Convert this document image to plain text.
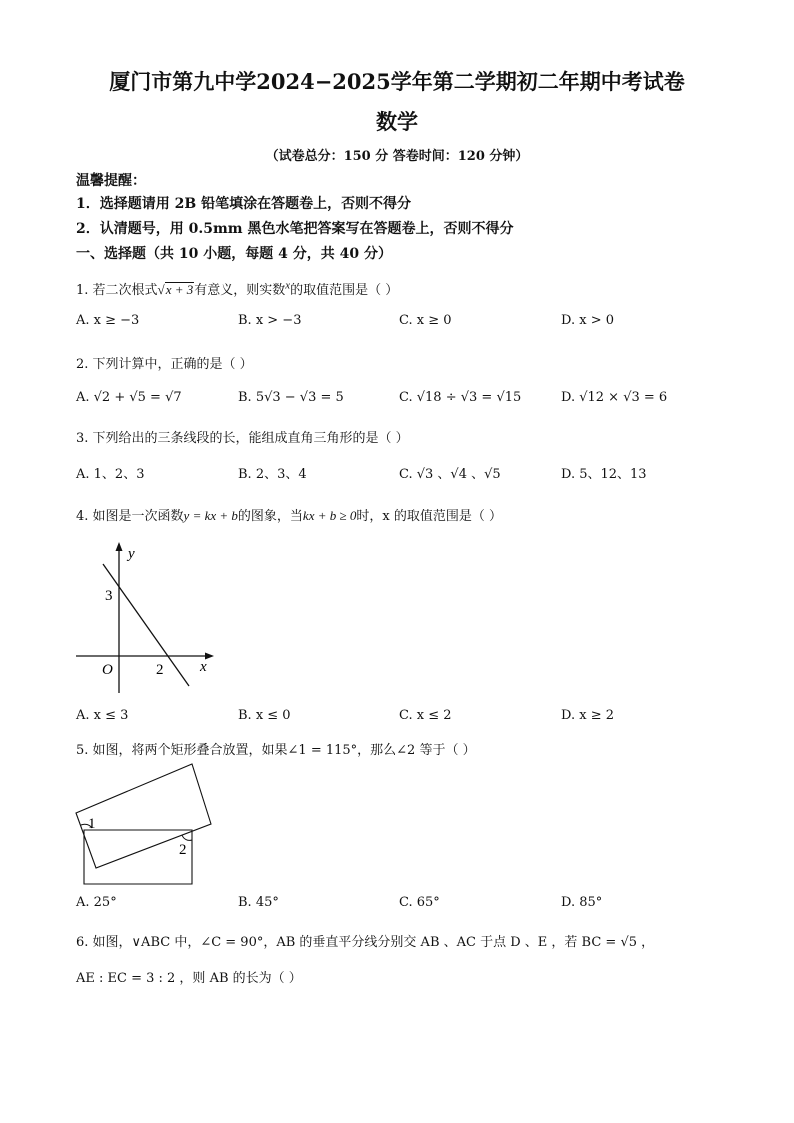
厦门市第九中学2024−2025学年第二学期初二年期中考试卷
数学
（试卷总分：150 分 答卷时间：120 分钟）
温馨提醒：
1．选择题请用 2B 铅笔填涂在答题卷上，否则不得分
2．认清题号，用 0.5mm 黑色水笔把答案写在答题卷上，否则不得分
一、选择题（共 10 小题，每题 4 分，共 40 分）
1. 若二次根式√x + 3有意义，则实数$^x$的取值范围是（ ）
A. x ≥ −3	B. x > −3	C. x ≥ 0	D. x > 0
2. 下列计算中，正确的是（ ）
A. √2 + √5 = √7	B. 5√3 − √3 = 5	C. √18 ÷ √3 = √15	D. √12 × √3 = 6
3. 下列给出的三条线段的长，能组成直角三角形的是（ ）
A. 1、2、3	B. 2、3、4	C. √3 、√4 、√5	D. 5、12、13
4. 如图是一次函数y = kx + b的图象，当kx + b ≥ 0时，x 的取值范围是（ ）
y
x
O
3
2
A. x ≤ 3	B. x ≤ 0	C. x ≤ 2	D. x ≥ 2
5. 如图，将两个矩形叠合放置，如果∠1 = 115°，那么∠2 等于（ ）
1
2
A. 25°	B. 45°	C. 65°	D. 85°
6. 如图，∨ABC 中，∠C = 90°，AB 的垂直平分线分别交 AB 、AC 于点 D 、E ，若 BC = √5 ，
AE : EC = 3 : 2 ，则 AB 的长为（ ）
